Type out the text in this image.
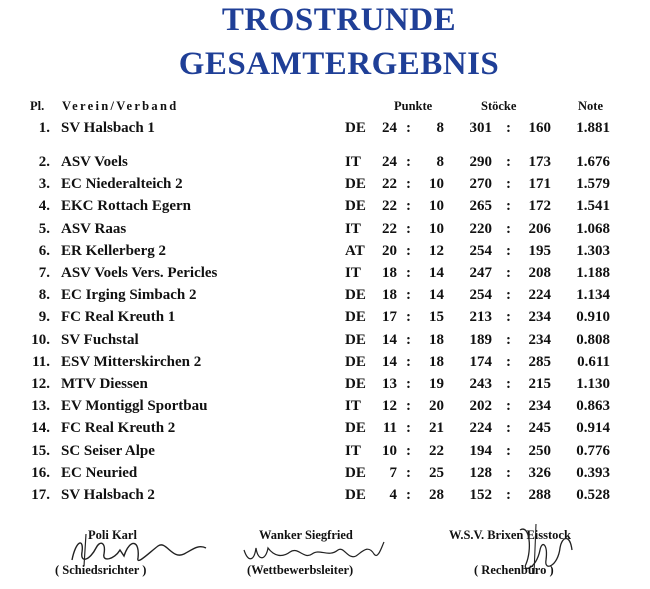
TROSTRUNDE
GESAMTERGEBNIS
Pl. Verein/Verband	Punkte	Stöcke	Note
1. SV Halsbach 1	DE	24 :	8	301 :	160	1.881
2. ASV Voels	IT	24 :	8	290 :	173	1.676
3. EC Niederalteich 2	DE	22 :	10	270 :	171	1.579
4. EKC Rottach Egern	DE	22 :	10	265 :	172	1.541
5. ASV Raas	IT	22 :	10	220 :	206	1.068
6. ER Kellerberg 2	AT	20 :	12	254 :	195	1.303
7. ASV Voels Vers. Pericles	IT	18 :	14	247 :	208	1.188
8. EC Irging Simbach 2	DE	18 :	14	254 :	224	1.134
9. FC Real Kreuth 1	DE	17 :	15	213 :	234	0.910
10. SV Fuchstal	DE	14 :	18	189 :	234	0.808
11. ESV Mitterskirchen 2	DE	14 :	18	174 :	285	0.611
12. MTV Diessen	DE	13 :	19	243 :	215	1.130
13. EV Montiggl Sportbau	IT	12 :	20	202 :	234	0.863
14. FC Real Kreuth 2	DE	11 :	21	224 :	245	0.914
15. SC Seiser Alpe	IT	10 :	22	194 :	250	0.776
16. EC Neuried	DE	7 :	25	128 :	326	0.393
17. SV Halsbach 2	DE	4 :	28	152 :	288	0.528
Poli Karl	Wanker Siegfried	W.S.V. Brixen Eisstock
( Schiedsrichter )	(Wettbewerbsleiter)	( Rechenbüro )
